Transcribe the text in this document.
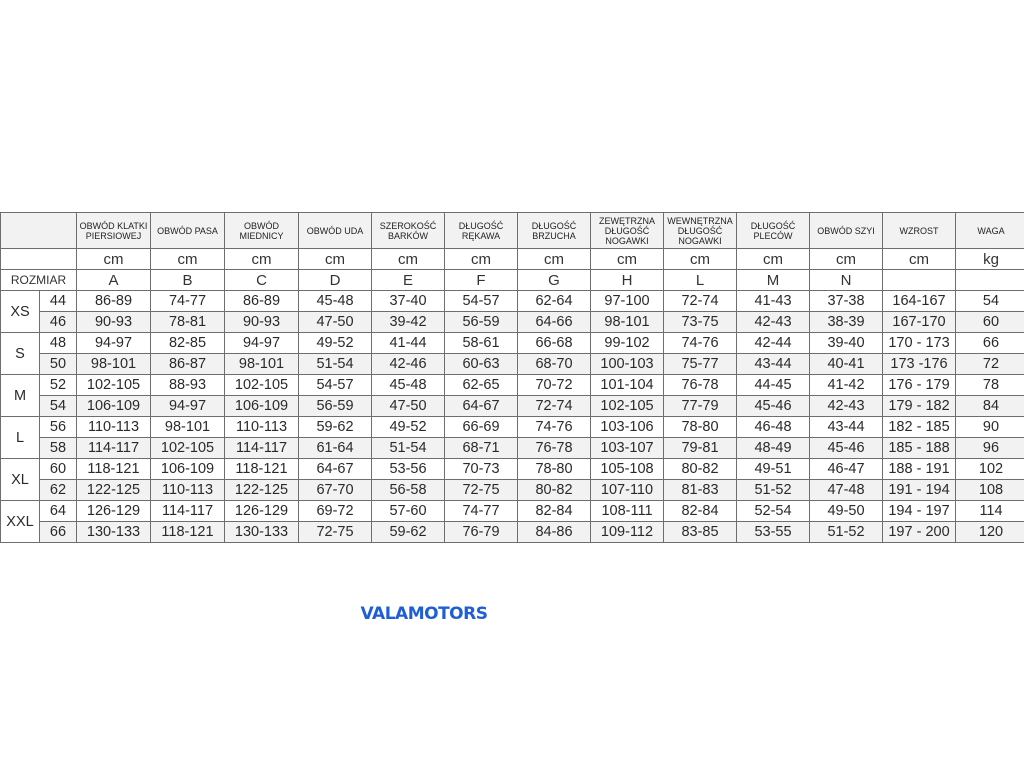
		OBWÓD KLATKI PIERSIOWEJ	OBWÓD PASA	OBWÓD MIEDNICY	OBWÓD UDA	SZEROKOŚĆ BARKÓW	DŁUGOŚĆ RĘKAWA	DŁUGOŚĆ BRZUCHA	ZEWĘTRZNA DŁUGOŚĆ NOGAWKI	WEWNĘTRZNA DŁUGOŚĆ NOGAWKI	DŁUGOŚĆ PLECÓW	OBWÓD SZYI	WZROST	WAGA
		cm	cm	cm	cm	cm	cm	cm	cm	cm	cm	cm	cm	kg
ROZMIAR		A	B	C	D	E	F	G	H	L	M	N		
XS	44	86-89	74-77	86-89	45-48	37-40	54-57	62-64	97-100	72-74	41-43	37-38	164-167	54
	46	90-93	78-81	90-93	47-50	39-42	56-59	64-66	98-101	73-75	42-43	38-39	167-170	60
S	48	94-97	82-85	94-97	49-52	41-44	58-61	66-68	99-102	74-76	42-44	39-40	170 - 173	66
	50	98-101	86-87	98-101	51-54	42-46	60-63	68-70	100-103	75-77	43-44	40-41	173 -176	72
M	52	102-105	88-93	102-105	54-57	45-48	62-65	70-72	101-104	76-78	44-45	41-42	176 - 179	78
	54	106-109	94-97	106-109	56-59	47-50	64-67	72-74	102-105	77-79	45-46	42-43	179 - 182	84
L	56	110-113	98-101	110-113	59-62	49-52	66-69	74-76	103-106	78-80	46-48	43-44	182 - 185	90
	58	114-117	102-105	114-117	61-64	51-54	68-71	76-78	103-107	79-81	48-49	45-46	185 - 188	96
XL	60	118-121	106-109	118-121	64-67	53-56	70-73	78-80	105-108	80-82	49-51	46-47	188 - 191	102
	62	122-125	110-113	122-125	67-70	56-58	72-75	80-82	107-110	81-83	51-52	47-48	191 - 194	108
XXL	64	126-129	114-117	126-129	69-72	57-60	74-77	82-84	108-111	82-84	52-54	49-50	194 - 197	114
	66	130-133	118-121	130-133	72-75	59-62	76-79	84-86	109-112	83-85	53-55	51-52	197 - 200	120
VALAMOTORS
